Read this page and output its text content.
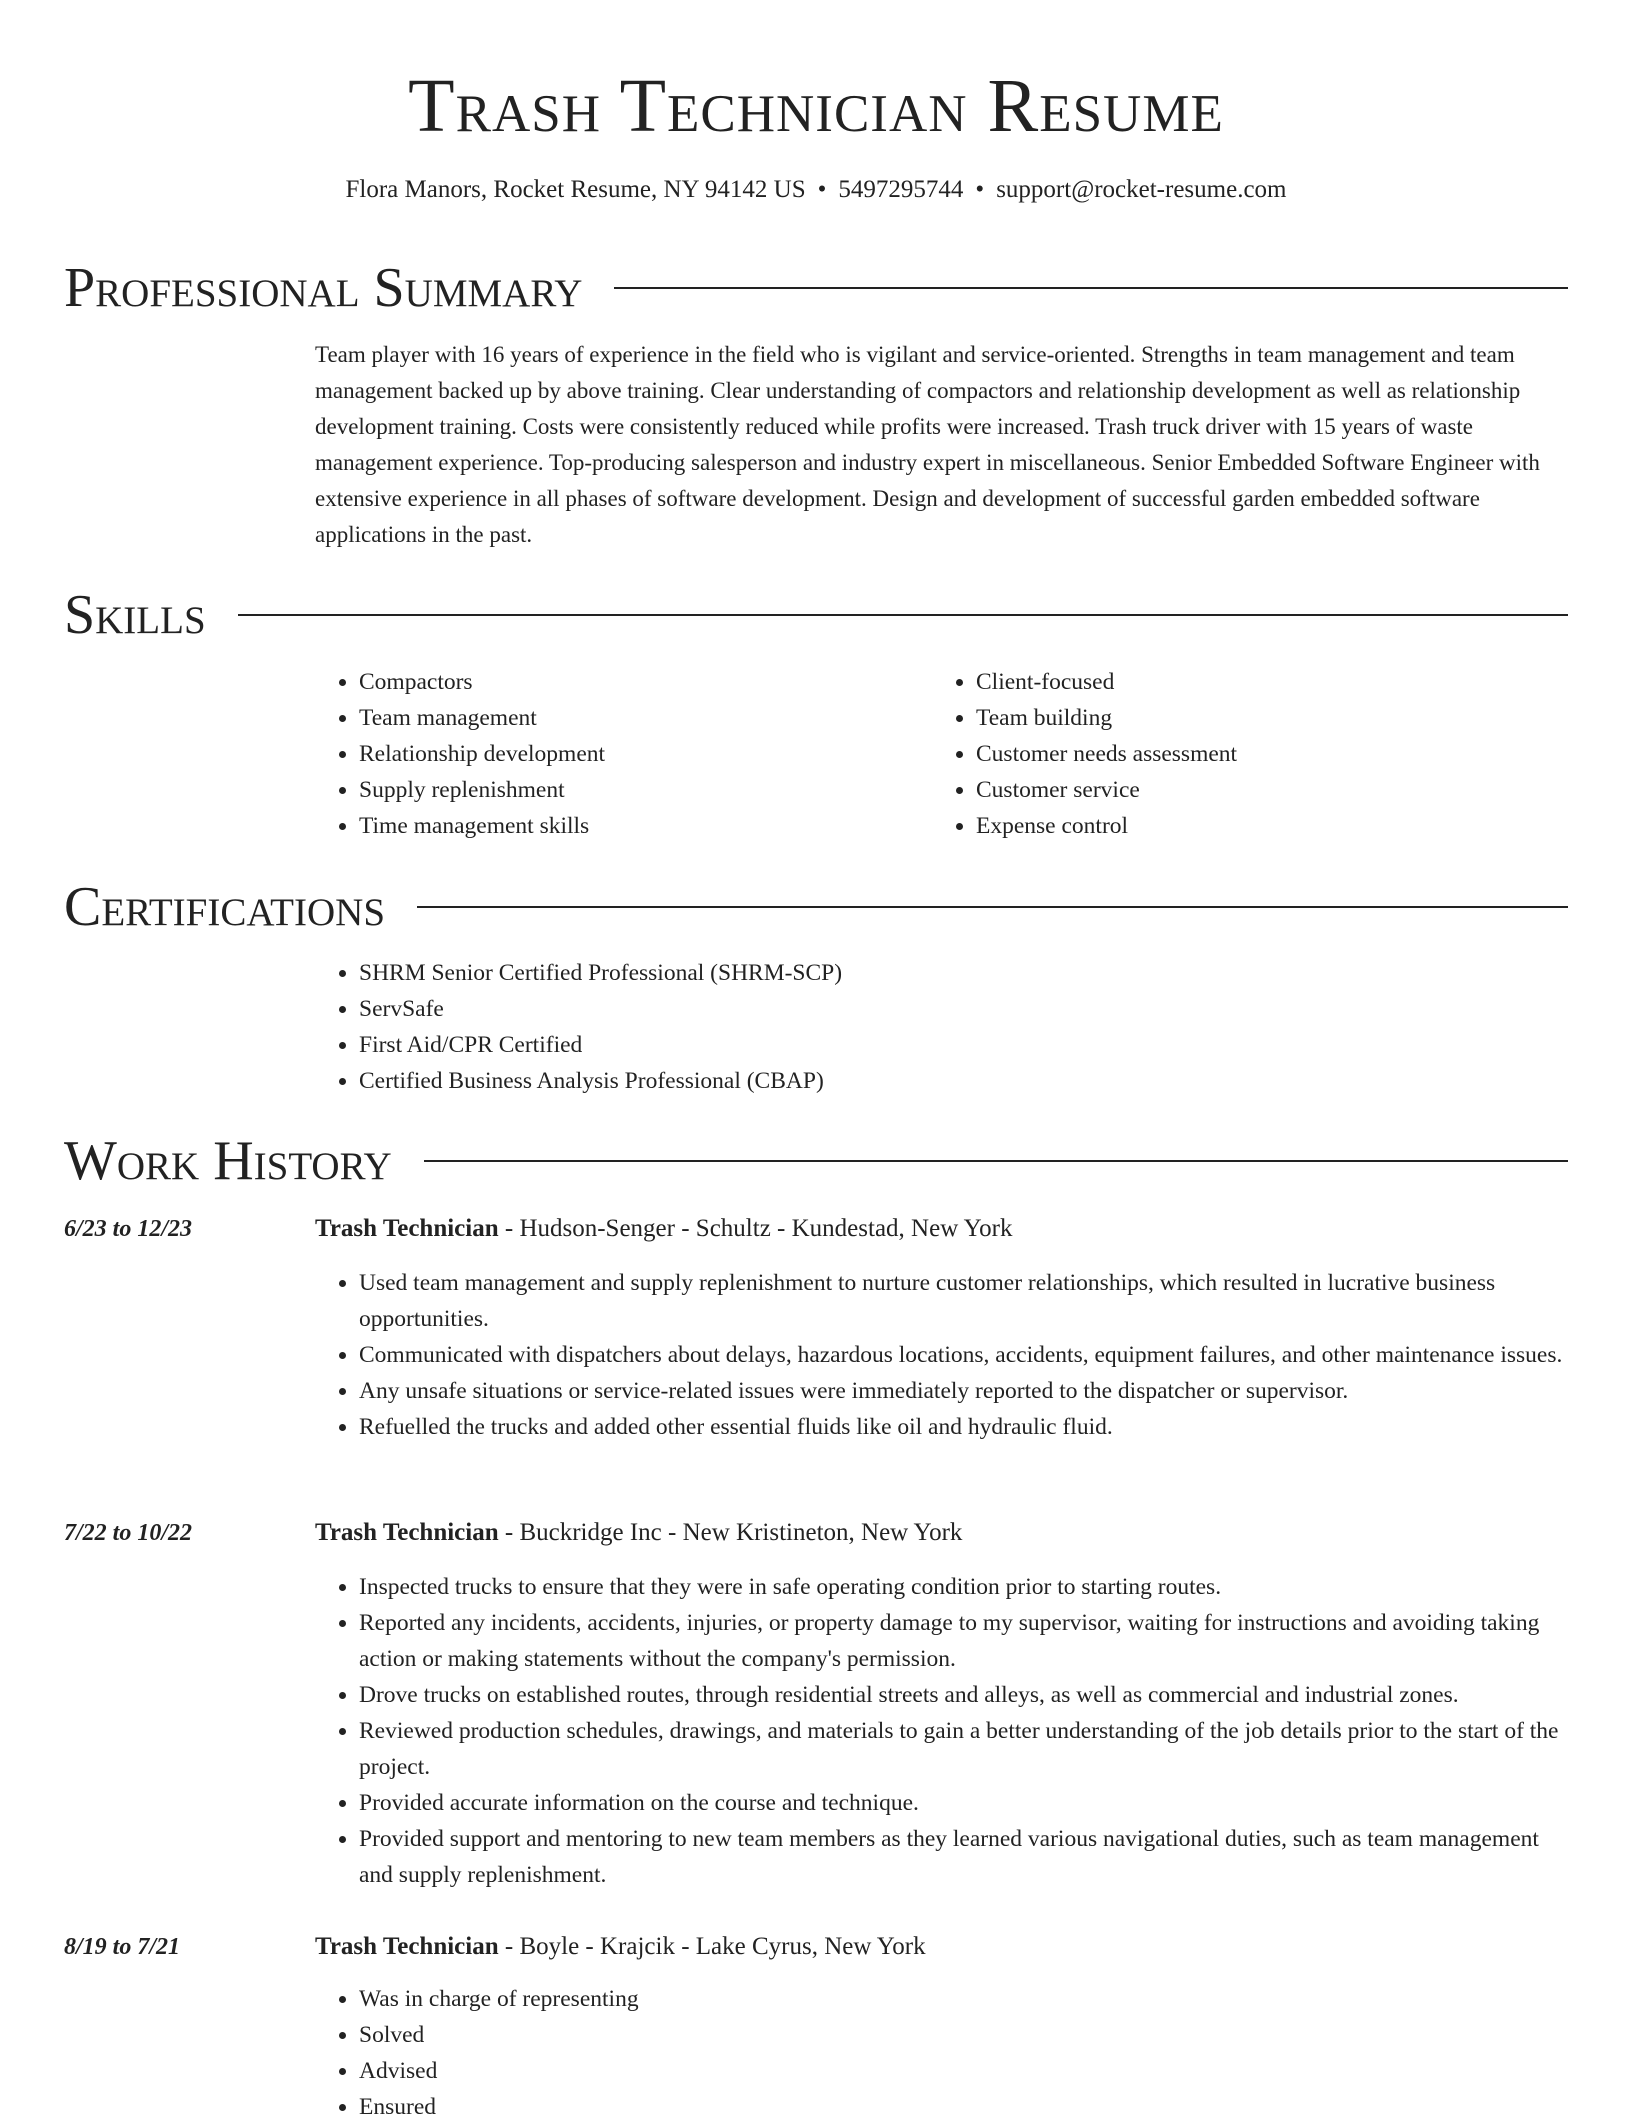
Trash Technician Resume
Flora Manors, Rocket Resume, NY 94142 US • 5497295744 • support@rocket-resume.com
Professional Summary

Team player with 16 years of experience in the field who is vigilant and service-oriented. Strengths in team management and team management backed up by above training. Clear understanding of compactors and relationship development as well as relationship development training. Costs were consistently reduced while profits were increased. Trash truck driver with 15 years of waste management experience. Top-producing salesperson and industry expert in miscellaneous. Senior Embedded Software Engineer with extensive experience in all phases of software development. Design and development of successful garden embedded software applications in the past.

Skills
• Compactors
• Team management
• Relationship development
• Supply replenishment
• Time management skills
• Client-focused
• Team building
• Customer needs assessment
• Customer service
• Expense control
Certifications
• SHRM Senior Certified Professional (SHRM-SCP)
• ServSafe
• First Aid/CPR Certified
• Certified Business Analysis Professional (CBAP)
Work History
6/23 to 12/23	Trash Technician - Hudson-Senger - Schultz - Kundestad, New York
• Used team management and supply replenishment to nurture customer relationships, which resulted in lucrative business opportunities.
• Communicated with dispatchers about delays, hazardous locations, accidents, equipment failures, and other maintenance issues.
• Any unsafe situations or service-related issues were immediately reported to the dispatcher or supervisor.
• Refuelled the trucks and added other essential fluids like oil and hydraulic fluid.
7/22 to 10/22	Trash Technician - Buckridge Inc - New Kristineton, New York
• Inspected trucks to ensure that they were in safe operating condition prior to starting routes.
• Reported any incidents, accidents, injuries, or property damage to my supervisor, waiting for instructions and avoiding taking action or making statements without the company's permission.
• Drove trucks on established routes, through residential streets and alleys, as well as commercial and industrial zones.
• Reviewed production schedules, drawings, and materials to gain a better understanding of the job details prior to the start of the project.
• Provided accurate information on the course and technique.
• Provided support and mentoring to new team members as they learned various navigational duties, such as team management and supply replenishment.
8/19 to 7/21	Trash Technician - Boyle - Krajcik - Lake Cyrus, New York
• Was in charge of representing
• Solved
• Advised
• Ensured
